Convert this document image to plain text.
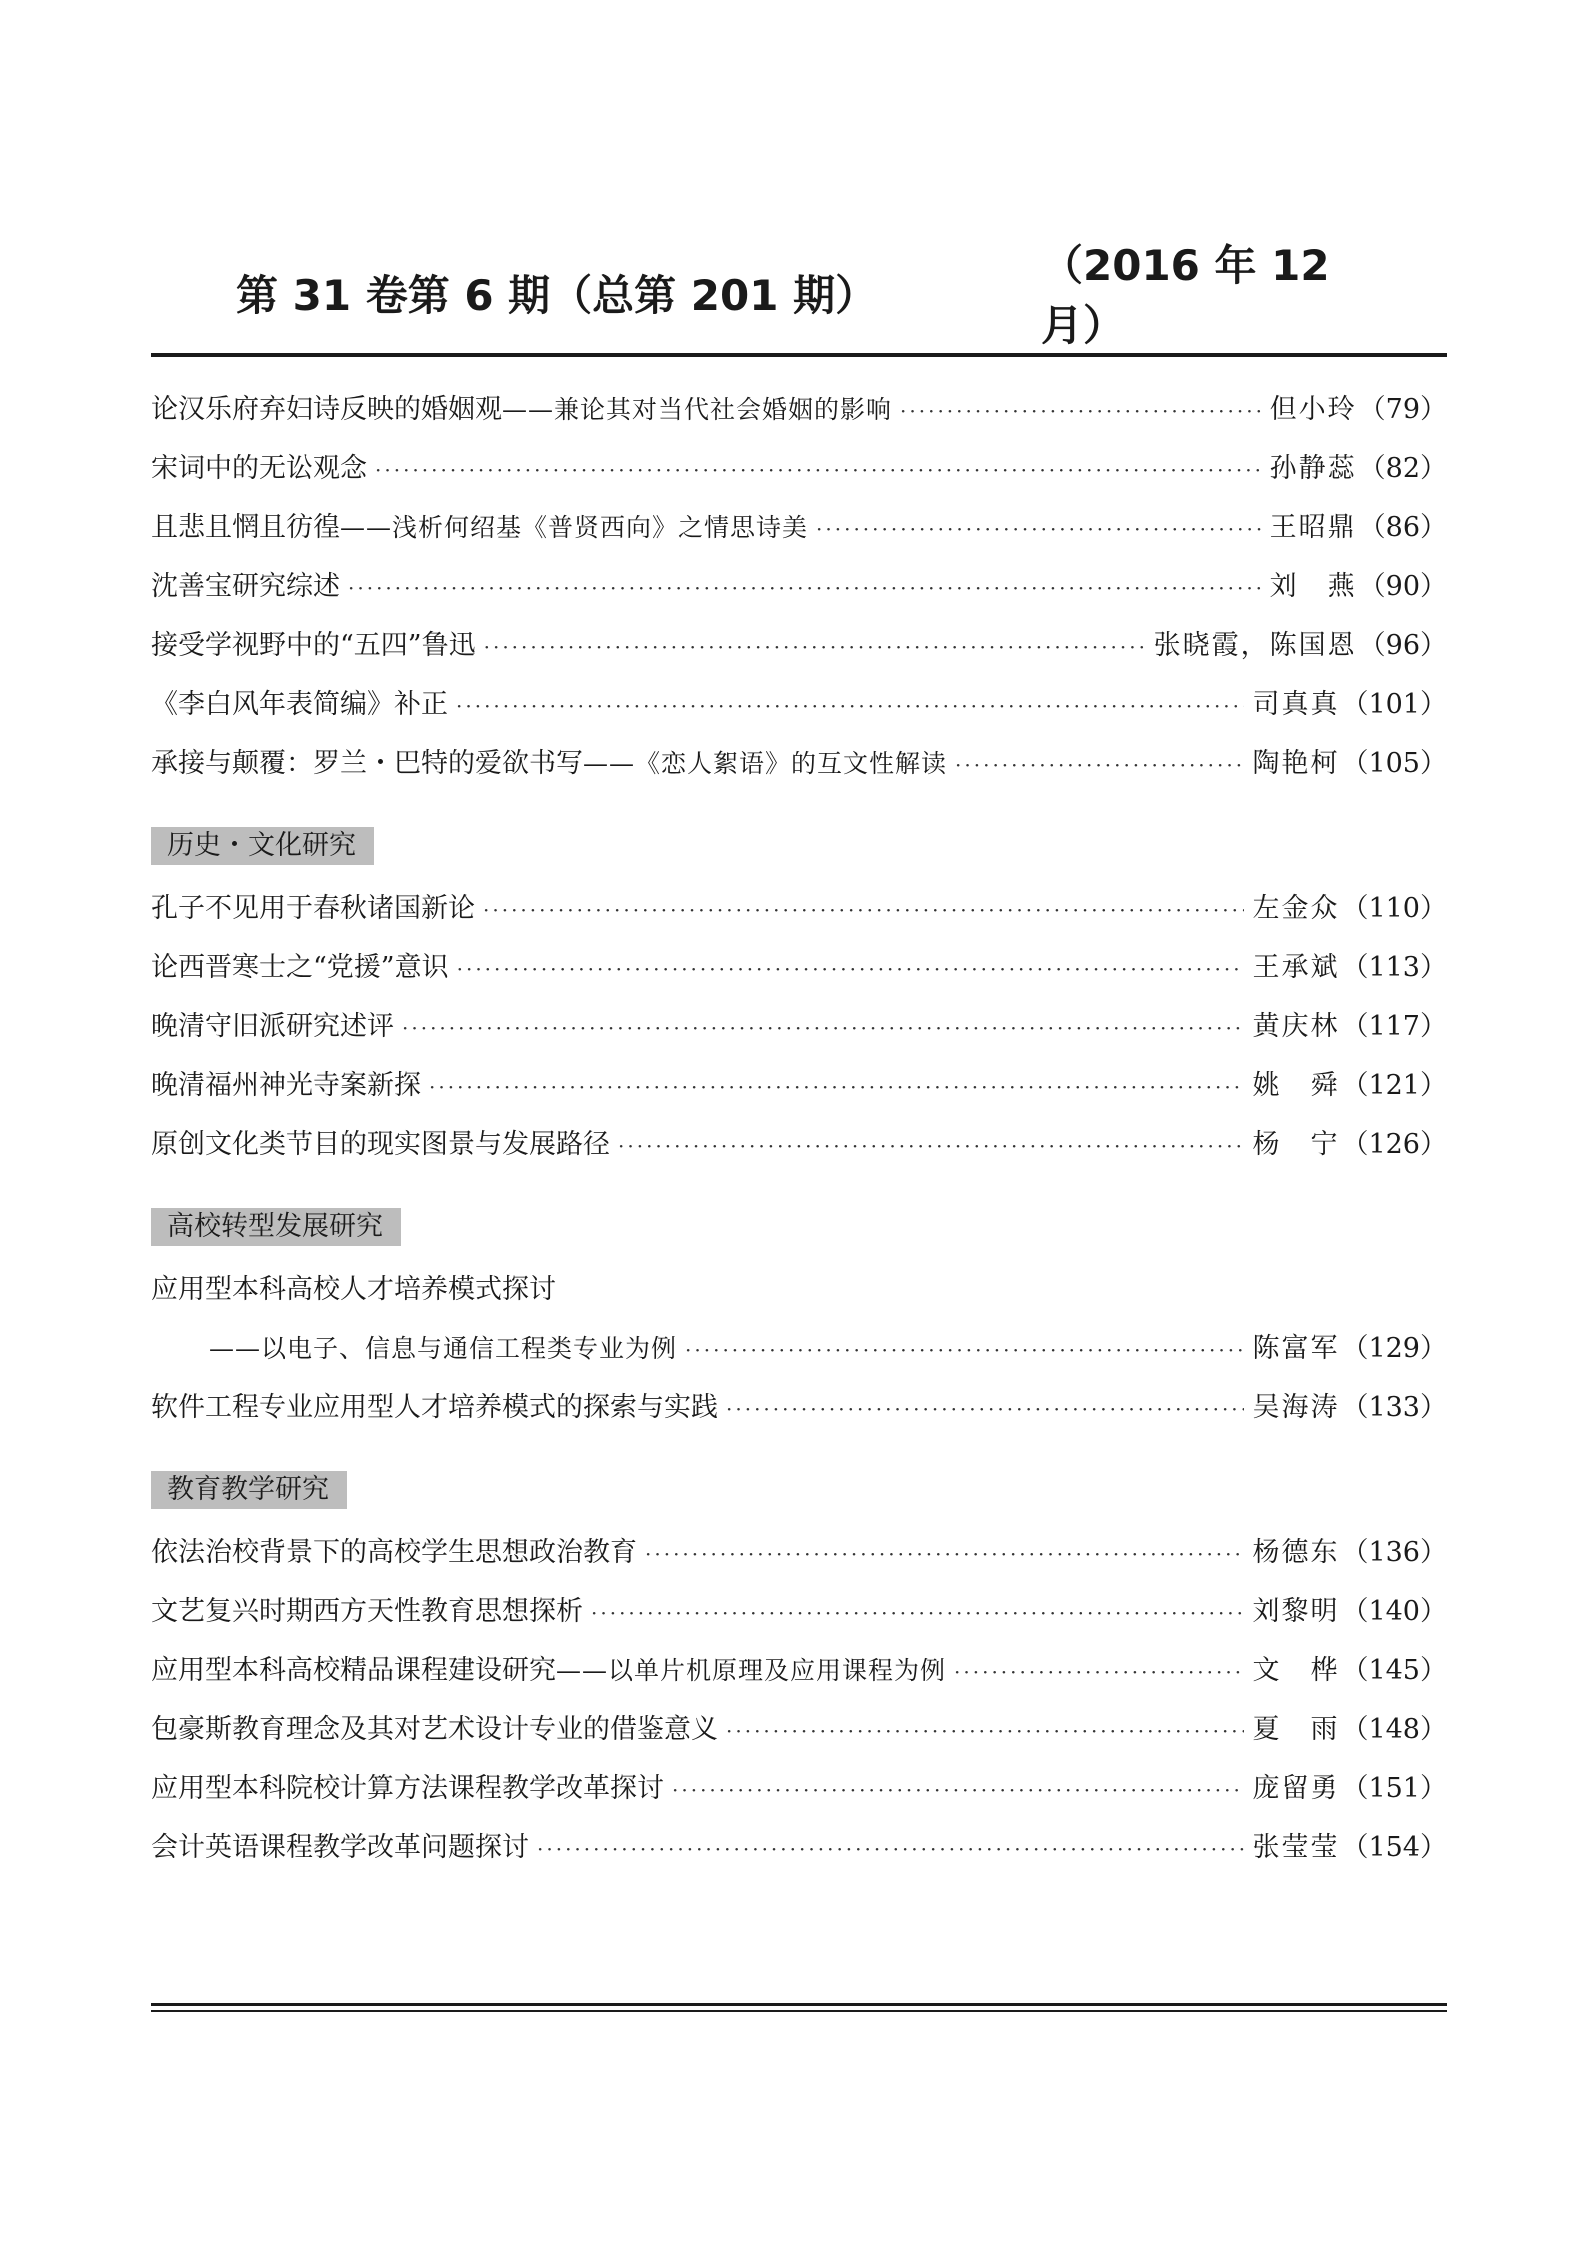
第 31 卷第 6 期（总第 201 期）
（2016 年 12 月）
论汉乐府弃妇诗反映的婚姻观——兼论其对当代社会婚姻的影响 ·····	但小玲 （79）
宋词中的无讼观念 ·····	孙静蕊 （82）
且悲且惘且彷徨——浅析何绍基《普贤西向》之情思诗美 ·····	王昭鼎 （86）
沈善宝研究综述 ·····	刘　燕 （90）
接受学视野中的“五四”鲁迅 ·····	张晓霞，陈国恩 （96）
《李白风年表简编》补正 ·····	司真真 （101）
承接与颠覆：罗兰・巴特的爱欲书写——《恋人絮语》的互文性解读 ·····	陶艳柯 （105）
历史・文化研究
孔子不见用于春秋诸国新论 ·····	左金众 （110）
论西晋寒士之“党援”意识 ·····	王承斌 （113）
晚清守旧派研究述评 ·····	黄庆林 （117）
晚清福州神光寺案新探 ·····	姚　舜 （121）
原创文化类节目的现实图景与发展路径 ·····	杨　宁 （126）
高校转型发展研究
应用型本科高校人才培养模式探讨
——以电子、信息与通信工程类专业为例 ·····	陈富军 （129）
软件工程专业应用型人才培养模式的探索与实践 ·····	吴海涛 （133）
教育教学研究
依法治校背景下的高校学生思想政治教育 ·····	杨德东 （136）
文艺复兴时期西方天性教育思想探析 ·····	刘黎明 （140）
应用型本科高校精品课程建设研究——以单片机原理及应用课程为例 ·····	文　桦 （145）
包豪斯教育理念及其对艺术设计专业的借鉴意义 ·····	夏　雨 （148）
应用型本科院校计算方法课程教学改革探讨 ·····	庞留勇 （151）
会计英语课程教学改革问题探讨 ·····	张莹莹 （154）
